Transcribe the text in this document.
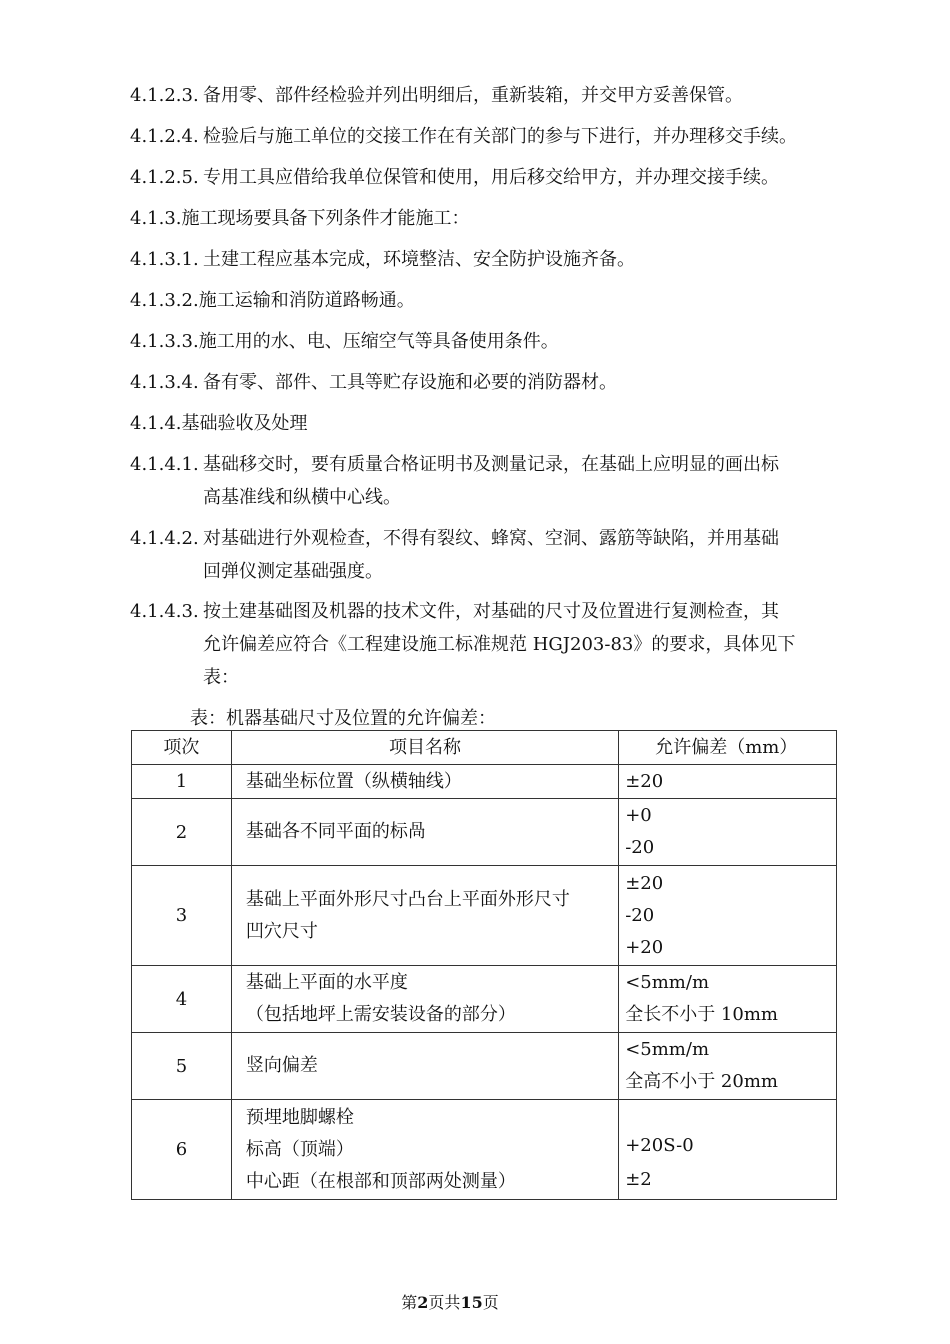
4.1.2.3. 备用零、部件经检验并列出明细后，重新装箱，并交甲方妥善保管。
4.1.2.4. 检验后与施工单位的交接工作在有关部门的参与下进行，并办理移交手续。
4.1.2.5. 专用工具应借给我单位保管和使用，用后移交给甲方，并办理交接手续。
4.1.3.施工现场要具备下列条件才能施工：
4.1.3.1. 土建工程应基本完成，环境整洁、安全防护设施齐备。
4.1.3.2.施工运输和消防道路畅通。
4.1.3.3.施工用的水、电、压缩空气等具备使用条件。
4.1.3.4. 备有零、部件、工具等贮存设施和必要的消防器材。
4.1.4.基础验收及处理
4.1.4.1. 基础移交时，要有质量合格证明书及测量记录，在基础上应明显的画出标
高基准线和纵横中心线。
4.1.4.2. 对基础进行外观检查，不得有裂纹、蜂窝、空洞、露筋等缺陷，并用基础
回弹仪测定基础强度。
4.1.4.3. 按土建基础图及机器的技术文件，对基础的尺寸及位置进行复测检查，其
允许偏差应符合《工程建设施工标准规范 HGJ203-83》的要求，具体见下
表：
表：机器基础尺寸及位置的允许偏差：
项次	项目名称	允许偏差（mm）
1	基础坐标位置（纵横轴线）	±20

2	基础各不同平面的标咼	+0
-20

3	基础上平面外形尺寸凸台上平面外形尺寸
凹穴尺寸	±20
-20
+20

4	基础上平面的水平度
（包括地坪上需安装设备的部分）	<5mm/m
全长不小于 10mm

5	竖向偏差	<5mm/m
全高不小于 20mm

6	预埋地脚螺栓
标高（顶端）
中心距（在根部和顶部两处测量）	+20S-0
±2
第2页共15页
